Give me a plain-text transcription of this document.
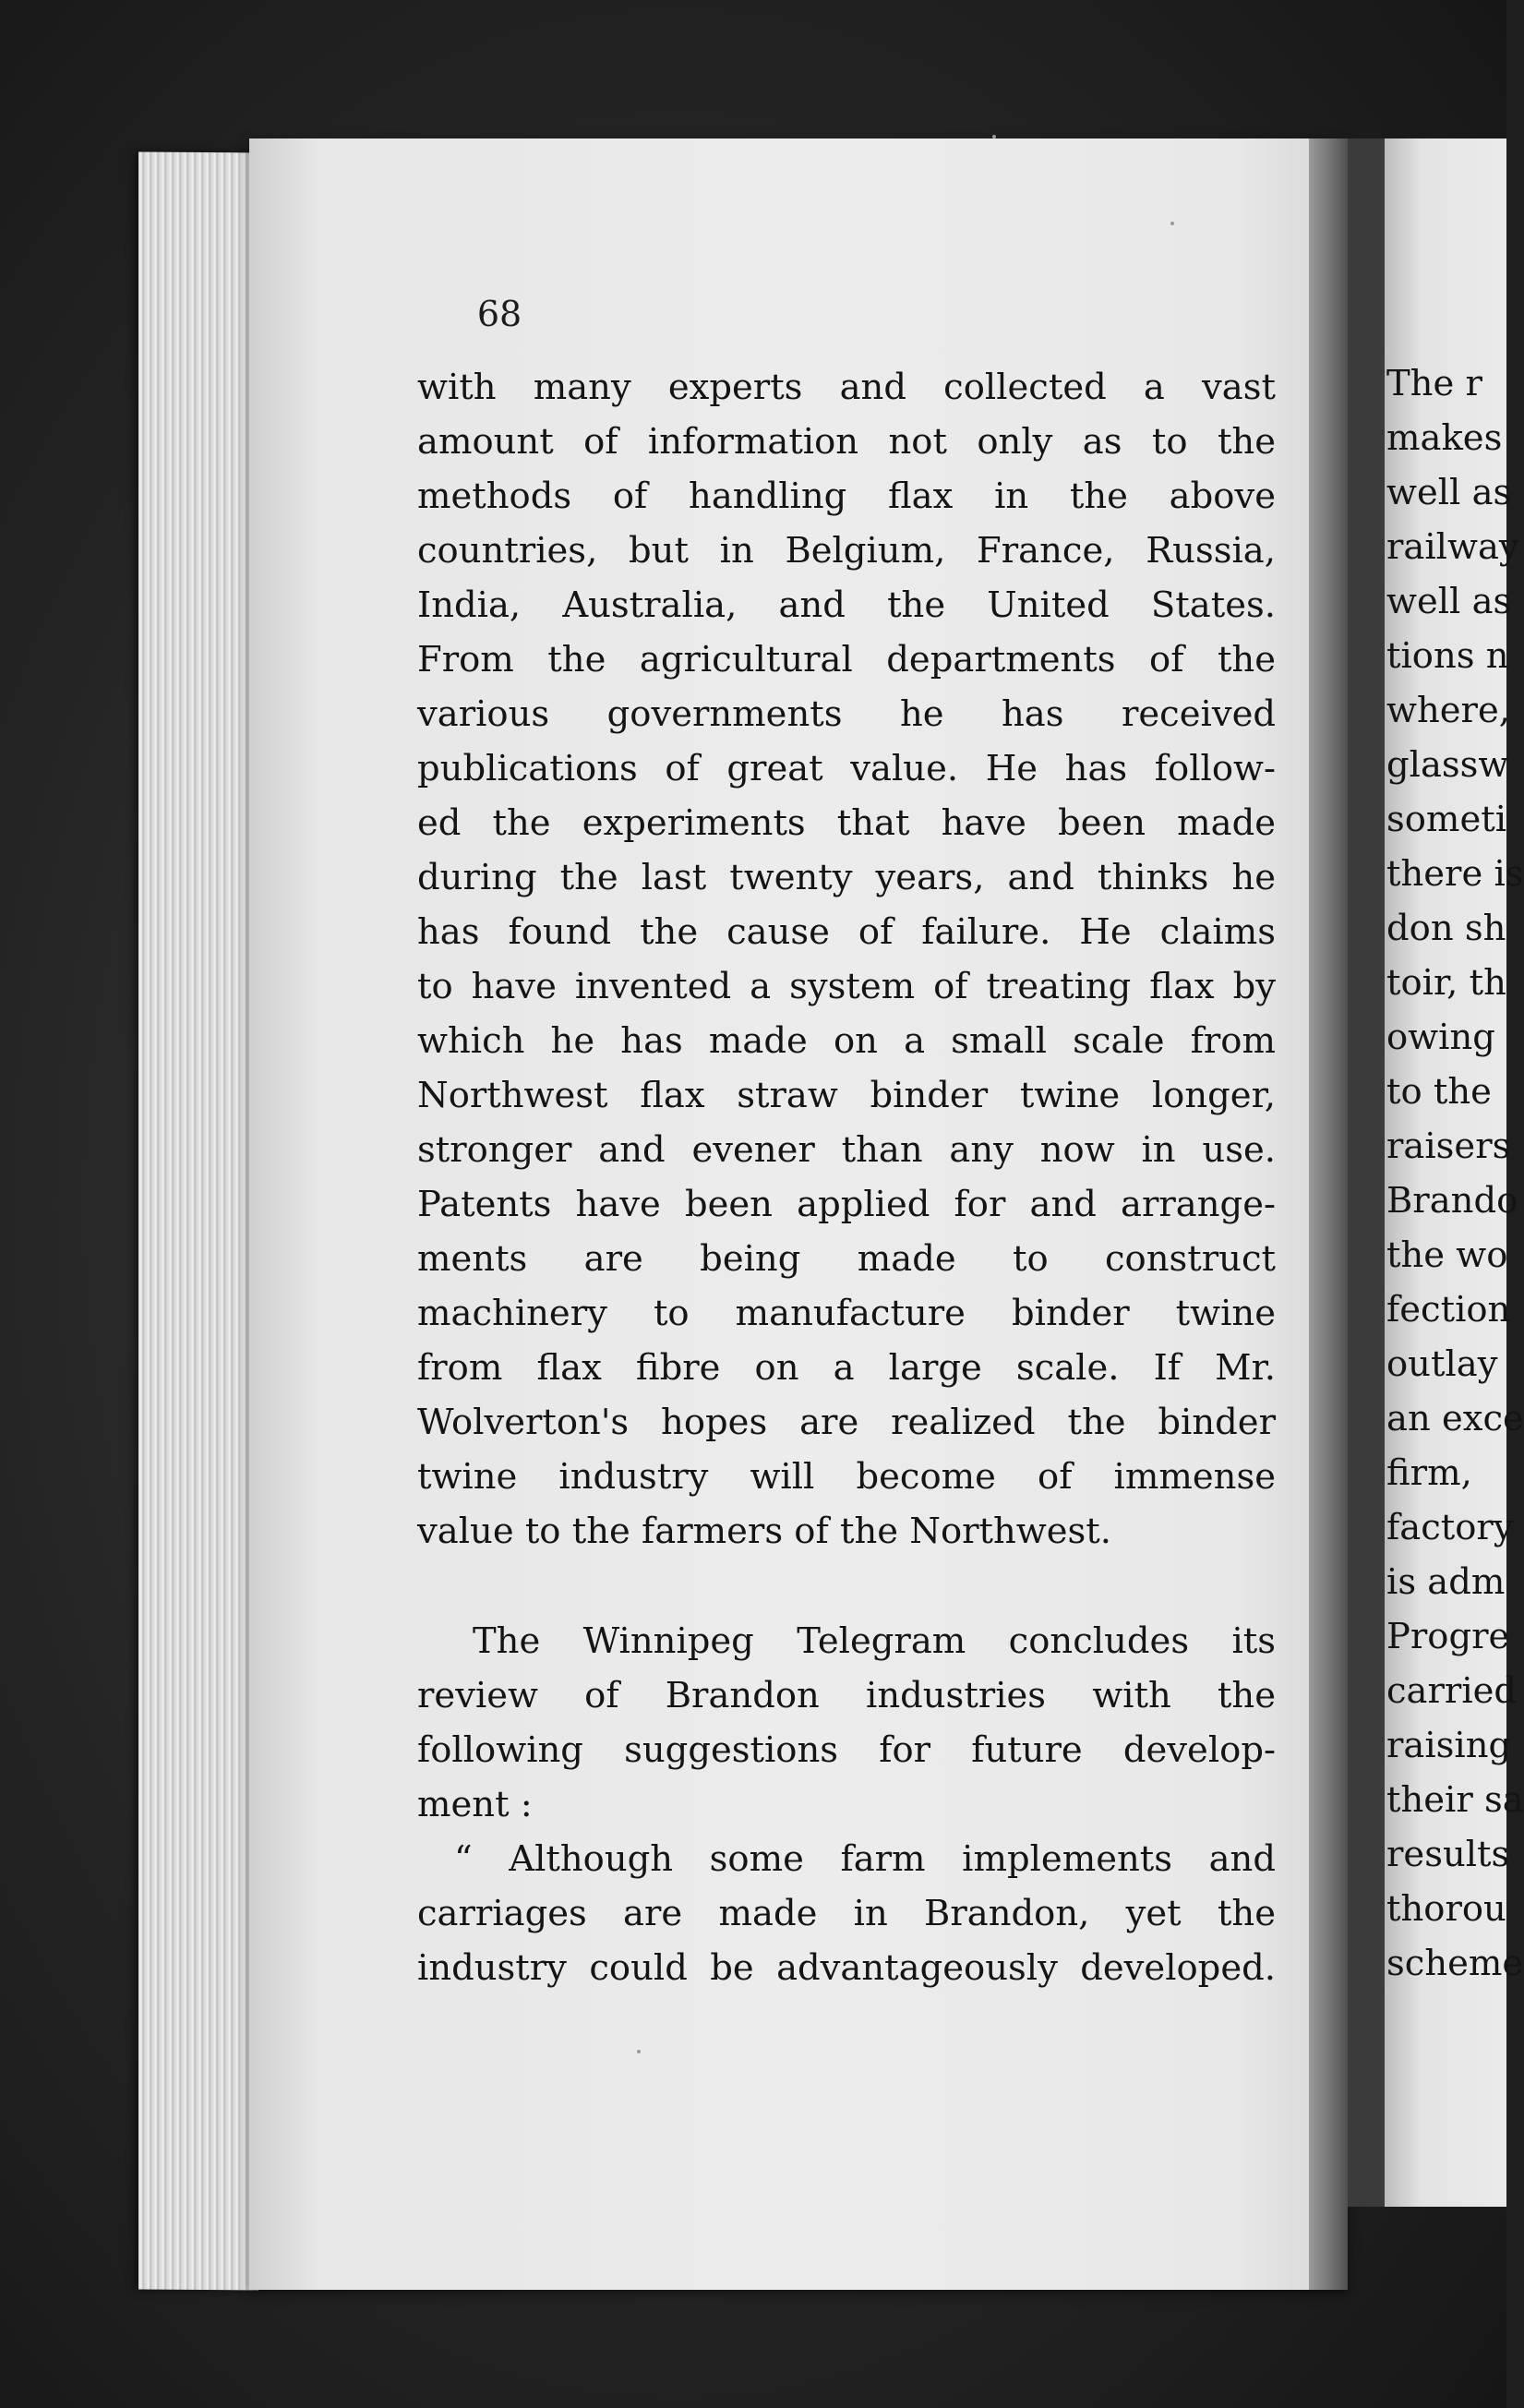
68
with many experts and collected a vast
amount of information not only as to the
methods of handling flax in the above
countries, but in Belgium, France, Russia,
India, Australia, and the United States.
From the agricultural departments of the
various governments he has received
publications of great value. He has follow-
ed the experiments that have been made
during the last twenty years, and thinks he
has found the cause of failure. He claims
to have invented a system of treating flax by
which he has made on a small scale from
Northwest flax straw binder twine longer,
stronger and evener than any now in use.
Patents have been applied for and arrange-
ments are being made to construct
machinery to manufacture binder twine
from flax fibre on a large scale. If Mr.
Wolverton's hopes are realized the binder
twine industry will become of immense
value to the farmers of the Northwest.
The Winnipeg Telegram concludes its
review of Brandon industries with the
following suggestions for future develop-
ment :
“ Although some farm implements and
carriages are made in Brandon, yet the
industry could be advantageously developed.
The r
makes
well as
railway
well as
tions n
where,
glassw
someti
there is
don sh
toir, th
owing
to the
raisers
Brando
the wo
fection
outlay
an exce
firm,
factory
is adm
Progre
carried
raising
their sa
results
thorou
scheme
